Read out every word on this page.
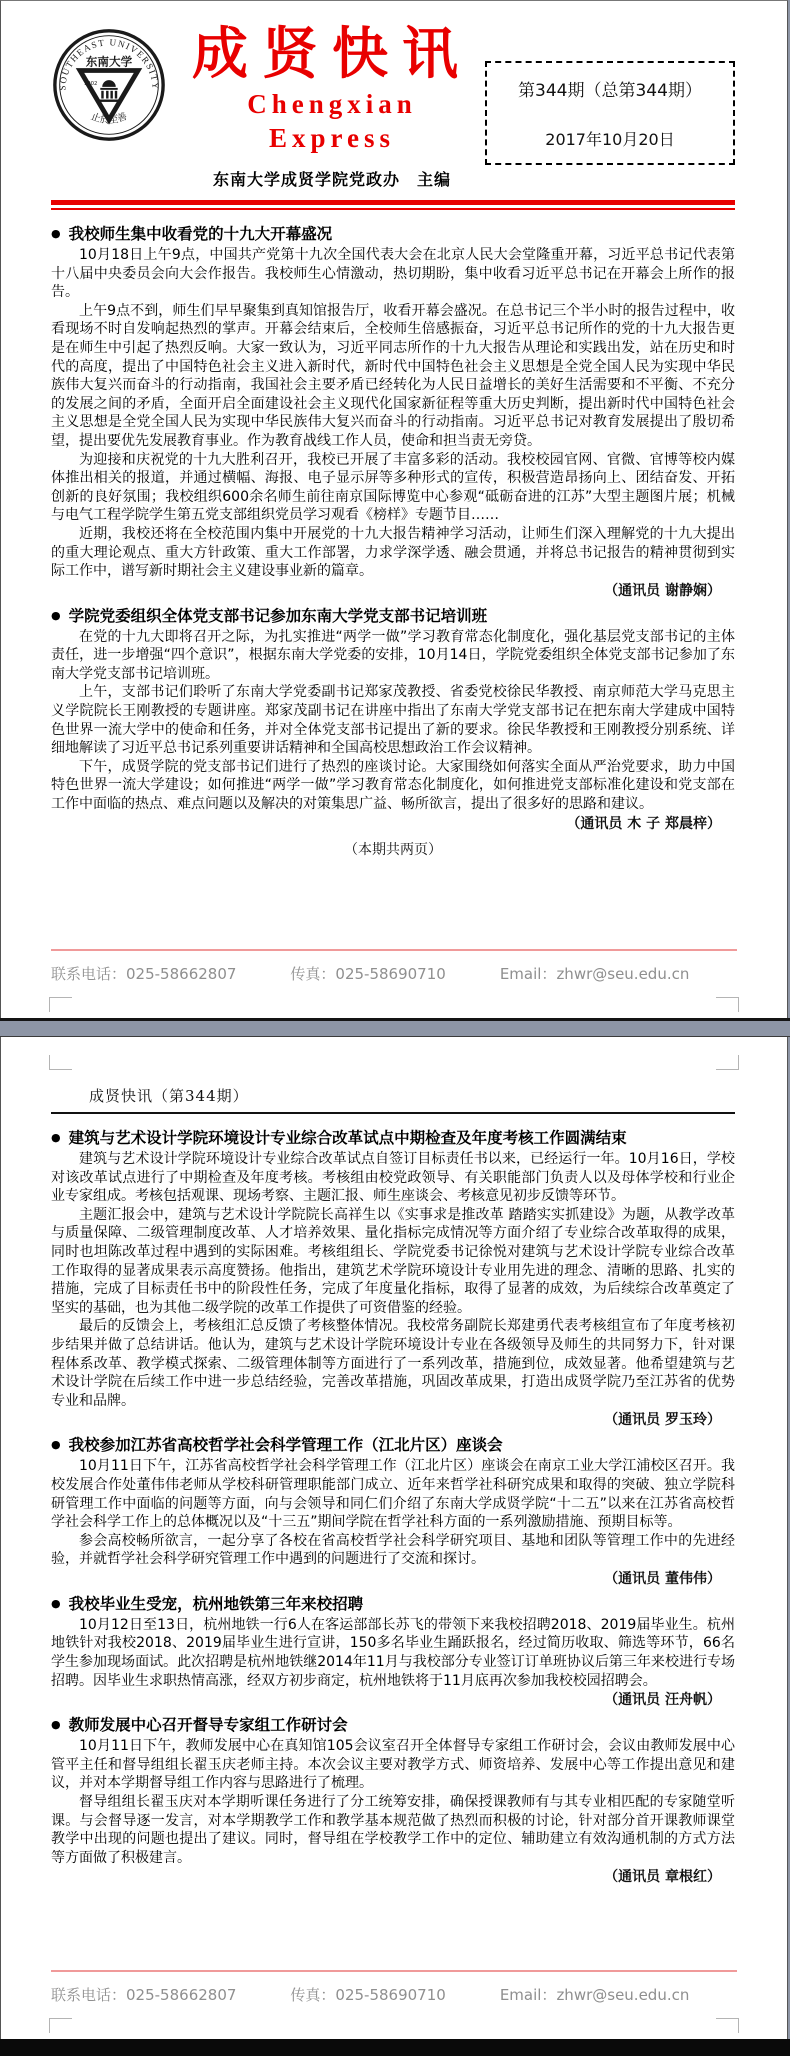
SOUTHEAST UNIVERSITY
东南大学
1902
止於至善
成贤快讯
Chengxian Express
东南大学成贤学院党政办　主编
第344期（总第344期）
2017年10月20日
● 我校师生集中收看党的十九大开幕盛况

10月18日上午9点，中国共产党第十九次全国代表大会在北京人民大会堂隆重开幕，习近平总书记代表第十八届中央委员会向大会作报告。我校师生心情激动，热切期盼，集中收看习近平总书记在开幕会上所作的报告。

上午9点不到，师生们早早聚集到真知馆报告厅，收看开幕会盛况。在总书记三个半小时的报告过程中，收看现场不时自发响起热烈的掌声。开幕会结束后，全校师生倍感振奋，习近平总书记所作的党的十九大报告更是在师生中引起了热烈反响。大家一致认为，习近平同志所作的十九大报告从理论和实践出发，站在历史和时代的高度，提出了中国特色社会主义进入新时代，新时代中国特色社会主义思想是全党全国人民为实现中华民族伟大复兴而奋斗的行动指南，我国社会主要矛盾已经转化为人民日益增长的美好生活需要和不平衡、不充分的发展之间的矛盾，全面开启全面建设社会主义现代化国家新征程等重大历史判断，提出新时代中国特色社会主义思想是全党全国人民为实现中华民族伟大复兴而奋斗的行动指南。习近平总书记对教育发展提出了殷切希望，提出要优先发展教育事业。作为教育战线工作人员，使命和担当责无旁贷。

为迎接和庆祝党的十九大胜利召开，我校已开展了丰富多彩的活动。我校校园官网、官微、官博等校内媒体推出相关的报道，并通过横幅、海报、电子显示屏等多种形式的宣传，积极营造昂扬向上、团结奋发、开拓创新的良好氛围；我校组织600余名师生前往南京国际博览中心参观“砥砺奋进的江苏”大型主题图片展；机械与电气工程学院学生第五党支部组织党员学习观看《榜样》专题节目……

近期，我校还将在全校范围内集中开展党的十九大报告精神学习活动，让师生们深入理解党的十九大提出的重大理论观点、重大方针政策、重大工作部署，力求学深学透、融会贯通，并将总书记报告的精神贯彻到实际工作中，谱写新时期社会主义建设事业新的篇章。

（通讯员 谢静娴）
● 学院党委组织全体党支部书记参加东南大学党支部书记培训班

在党的十九大即将召开之际，为扎实推进“两学一做”学习教育常态化制度化，强化基层党支部书记的主体责任，进一步增强“四个意识”，根据东南大学党委的安排，10月14日，学院党委组织全体党支部书记参加了东南大学党支部书记培训班。

上午，支部书记们聆听了东南大学党委副书记郑家茂教授、省委党校徐民华教授、南京师范大学马克思主义学院院长王刚教授的专题讲座。郑家茂副书记在讲座中指出了东南大学党支部书记在把东南大学建成中国特色世界一流大学中的使命和任务，并对全体党支部书记提出了新的要求。徐民华教授和王刚教授分别系统、详细地解读了习近平总书记系列重要讲话精神和全国高校思想政治工作会议精神。

下午，成贤学院的党支部书记们进行了热烈的座谈讨论。大家围绕如何落实全面从严治党要求，助力中国特色世界一流大学建设；如何推进“两学一做”学习教育常态化制度化，如何推进党支部标准化建设和党支部在工作中面临的热点、难点问题以及解决的对策集思广益、畅所欲言，提出了很多好的思路和建议。

（通讯员 木 子 郑晨梓）
（本期共两页）
联系电话：025-58662807	传真：025-58690710	Email：zhwr@seu.edu.cn
成贤快讯（第344期）
● 建筑与艺术设计学院环境设计专业综合改革试点中期检查及年度考核工作圆满结束

建筑与艺术设计学院环境设计专业综合改革试点自签订目标责任书以来，已经运行一年。10月16日，学校对该改革试点进行了中期检查及年度考核。考核组由校党政领导、有关职能部门负责人以及母体学校和行业企业专家组成。考核包括观课、现场考察、主题汇报、师生座谈会、考核意见初步反馈等环节。

主题汇报会中，建筑与艺术设计学院院长高祥生以《实事求是推改革 踏踏实实抓建设》为题，从教学改革与质量保障、二级管理制度改革、人才培养效果、量化指标完成情况等方面介绍了专业综合改革取得的成果，同时也坦陈改革过程中遇到的实际困难。考核组组长、学院党委书记徐悦对建筑与艺术设计学院专业综合改革工作取得的显著成果表示高度赞扬。他指出，建筑艺术学院环境设计专业用先进的理念、清晰的思路、扎实的措施，完成了目标责任书中的阶段性任务，完成了年度量化指标，取得了显著的成效，为后续综合改革奠定了坚实的基础，也为其他二级学院的改革工作提供了可资借鉴的经验。

最后的反馈会上，考核组汇总反馈了考核整体情况。我校常务副院长郑建勇代表考核组宣布了年度考核初步结果并做了总结讲话。他认为，建筑与艺术设计学院环境设计专业在各级领导及师生的共同努力下，针对课程体系改革、教学模式探索、二级管理体制等方面进行了一系列改革，措施到位，成效显著。他希望建筑与艺术设计学院在后续工作中进一步总结经验，完善改革措施，巩固改革成果，打造出成贤学院乃至江苏省的优势专业和品牌。

（通讯员 罗玉玲）
● 我校参加江苏省高校哲学社会科学管理工作（江北片区）座谈会

10月11日下午，江苏省高校哲学社会科学管理工作（江北片区）座谈会在南京工业大学江浦校区召开。我校发展合作处董伟伟老师从学校科研管理职能部门成立、近年来哲学社科研究成果和取得的突破、独立学院科研管理工作中面临的问题等方面，向与会领导和同仁们介绍了东南大学成贤学院“十二五”以来在江苏省高校哲学社会科学工作上的总体概况以及“十三五”期间学院在哲学社科方面的一系列激励措施、预期目标等。

参会高校畅所欲言，一起分享了各校在省高校哲学社会科学研究项目、基地和团队等管理工作中的先进经验，并就哲学社会科学研究管理工作中遇到的问题进行了交流和探讨。

（通讯员 董伟伟）
● 我校毕业生受宠，杭州地铁第三年来校招聘

10月12日至13日，杭州地铁一行6人在客运部部长苏飞的带领下来我校招聘2018、2019届毕业生。杭州地铁针对我校2018、2019届毕业生进行宣讲，150多名毕业生踊跃报名，经过简历收取、筛选等环节，66名学生参加现场面试。此次招聘是杭州地铁继2014年11月与我校部分专业签订订单班协议后第三年来校进行专场招聘。因毕业生求职热情高涨，经双方初步商定，杭州地铁将于11月底再次参加我校校园招聘会。

（通讯员 汪舟帆）
● 教师发展中心召开督导专家组工作研讨会

10月11日下午，教师发展中心在真知馆105会议室召开全体督导专家组工作研讨会，会议由教师发展中心管平主任和督导组组长翟玉庆老师主持。本次会议主要对教学方式、师资培养、发展中心等工作提出意见和建议，并对本学期督导组工作内容与思路进行了梳理。

督导组组长翟玉庆对本学期听课任务进行了分工统筹安排，确保授课教师有与其专业相匹配的专家随堂听课。与会督导逐一发言，对本学期教学工作和教学基本规范做了热烈而积极的讨论，针对部分首开课教师课堂教学中出现的问题也提出了建议。同时，督导组在学校教学工作中的定位、辅助建立有效沟通机制的方式方法等方面做了积极建言。

（通讯员 章根红）
联系电话：025-58662807	传真：025-58690710	Email：zhwr@seu.edu.cn
